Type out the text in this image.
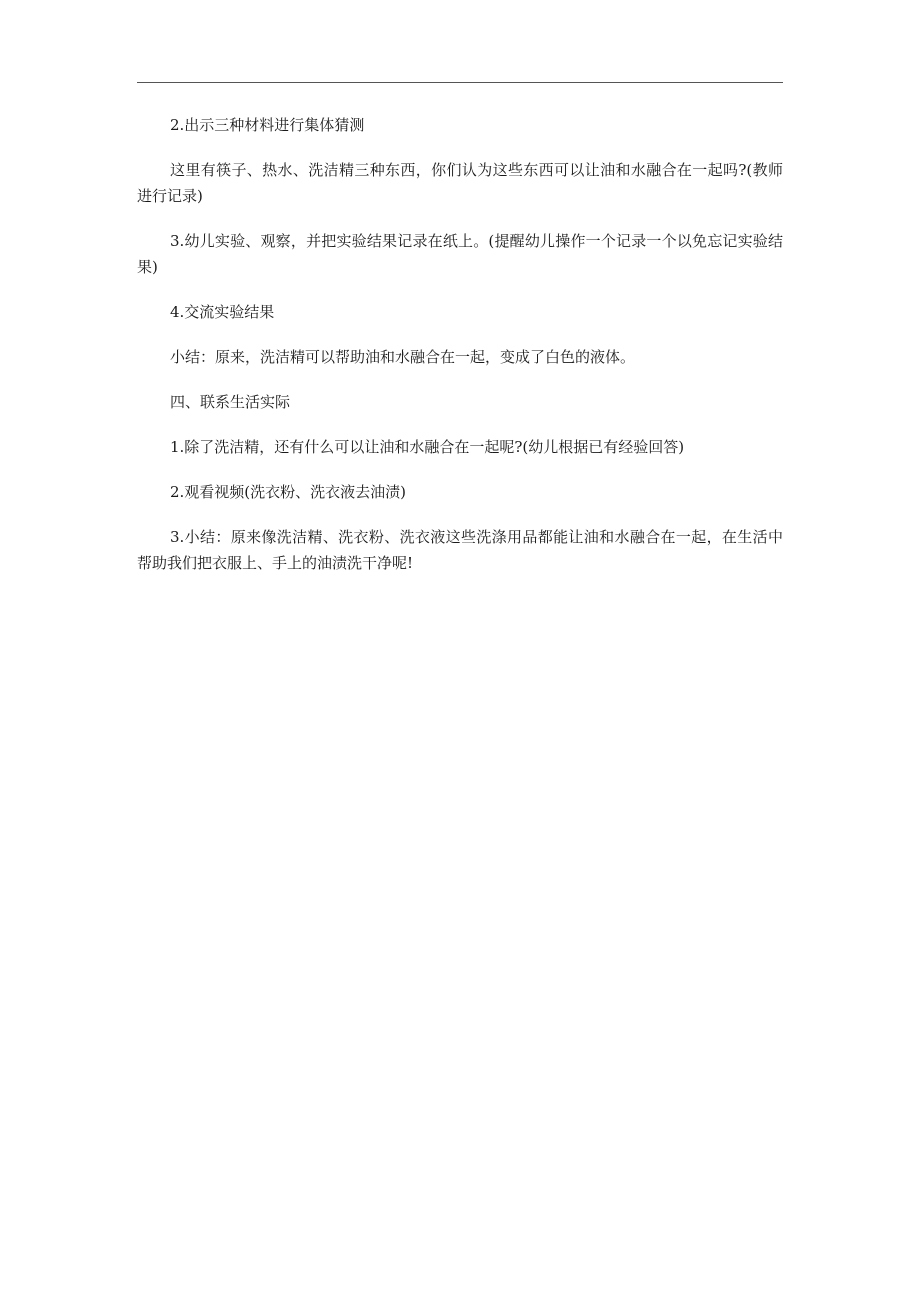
2.出示三种材料进行集体猜测

这里有筷子、热水、洗洁精三种东西，你们认为这些东西可以让油和水融合在一起吗?(教师进行记录)

3.幼儿实验、观察，并把实验结果记录在纸上。(提醒幼儿操作一个记录一个以免忘记实验结果)

4.交流实验结果

小结：原来，洗洁精可以帮助油和水融合在一起，变成了白色的液体。

四、联系生活实际

1.除了洗洁精，还有什么可以让油和水融合在一起呢?(幼儿根据已有经验回答)

2.观看视频(洗衣粉、洗衣液去油渍)

3.小结：原来像洗洁精、洗衣粉、洗衣液这些洗涤用品都能让油和水融合在一起，在生活中帮助我们把衣服上、手上的油渍洗干净呢!
